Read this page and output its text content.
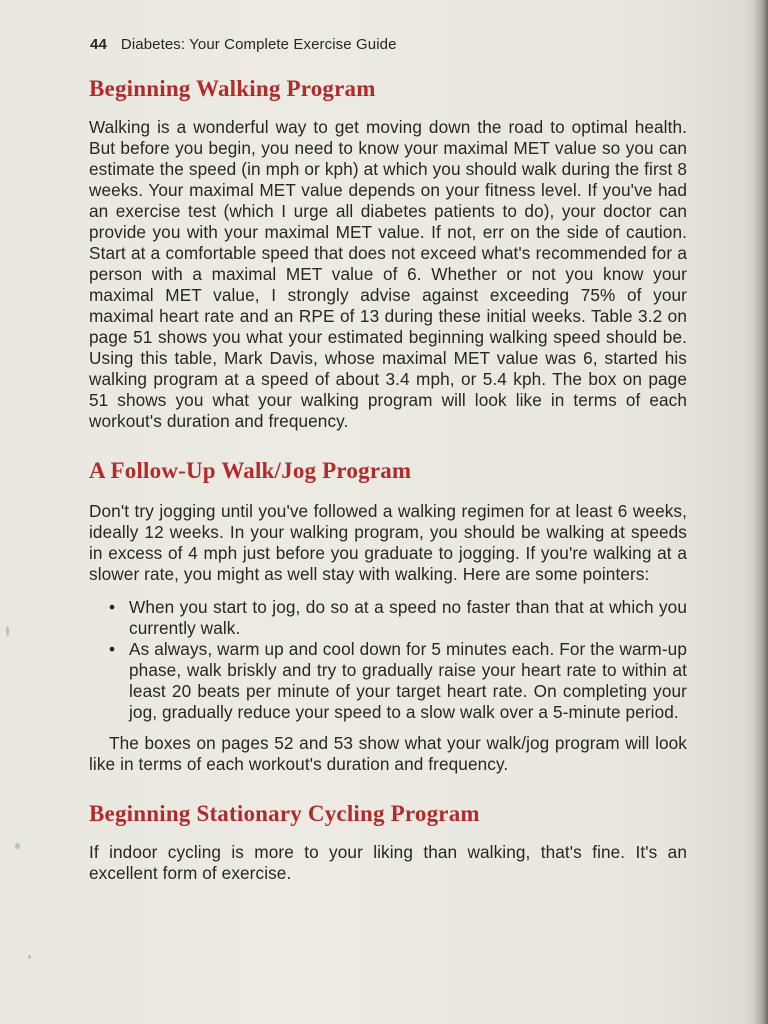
44 Diabetes: Your Complete Exercise Guide
Beginning Walking Program

Walking is a wonderful way to get moving down the road to optimal health. But before you begin, you need to know your maximal MET value so you can estimate the speed (in mph or kph) at which you should walk during the first 8 weeks. Your maximal MET value depends on your fitness level. If you've had an exercise test (which I urge all diabetes patients to do), your doctor can provide you with your maximal MET value. If not, err on the side of caution. Start at a comfortable speed that does not exceed what's recommended for a person with a maximal MET value of 6. Whether or not you know your maximal MET value, I strongly advise against exceeding 75% of your maximal heart rate and an RPE of 13 during these initial weeks. Table 3.2 on page 51 shows you what your estimated beginning walking speed should be. Using this table, Mark Davis, whose maximal MET value was 6, started his walking program at a speed of about 3.4 mph, or 5.4 kph. The box on page 51 shows you what your walking program will look like in terms of each workout's duration and frequency.

A Follow-Up Walk/Jog Program

Don't try jogging until you've followed a walking regimen for at least 6 weeks, ideally 12 weeks. In your walking program, you should be walking at speeds in excess of 4 mph just before you graduate to jogging. If you're walking at a slower rate, you might as well stay with walking. Here are some pointers:

• When you start to jog, do so at a speed no faster than that at which you currently walk.
• As always, warm up and cool down for 5 minutes each. For the warm-up phase, walk briskly and try to gradually raise your heart rate to within at least 20 beats per minute of your target heart rate. On completing your jog, gradually reduce your speed to a slow walk over a 5-minute period.

The boxes on pages 52 and 53 show what your walk/jog program will look like in terms of each workout's duration and frequency.

Beginning Stationary Cycling Program

If indoor cycling is more to your liking than walking, that's fine. It's an excellent form of exercise.
